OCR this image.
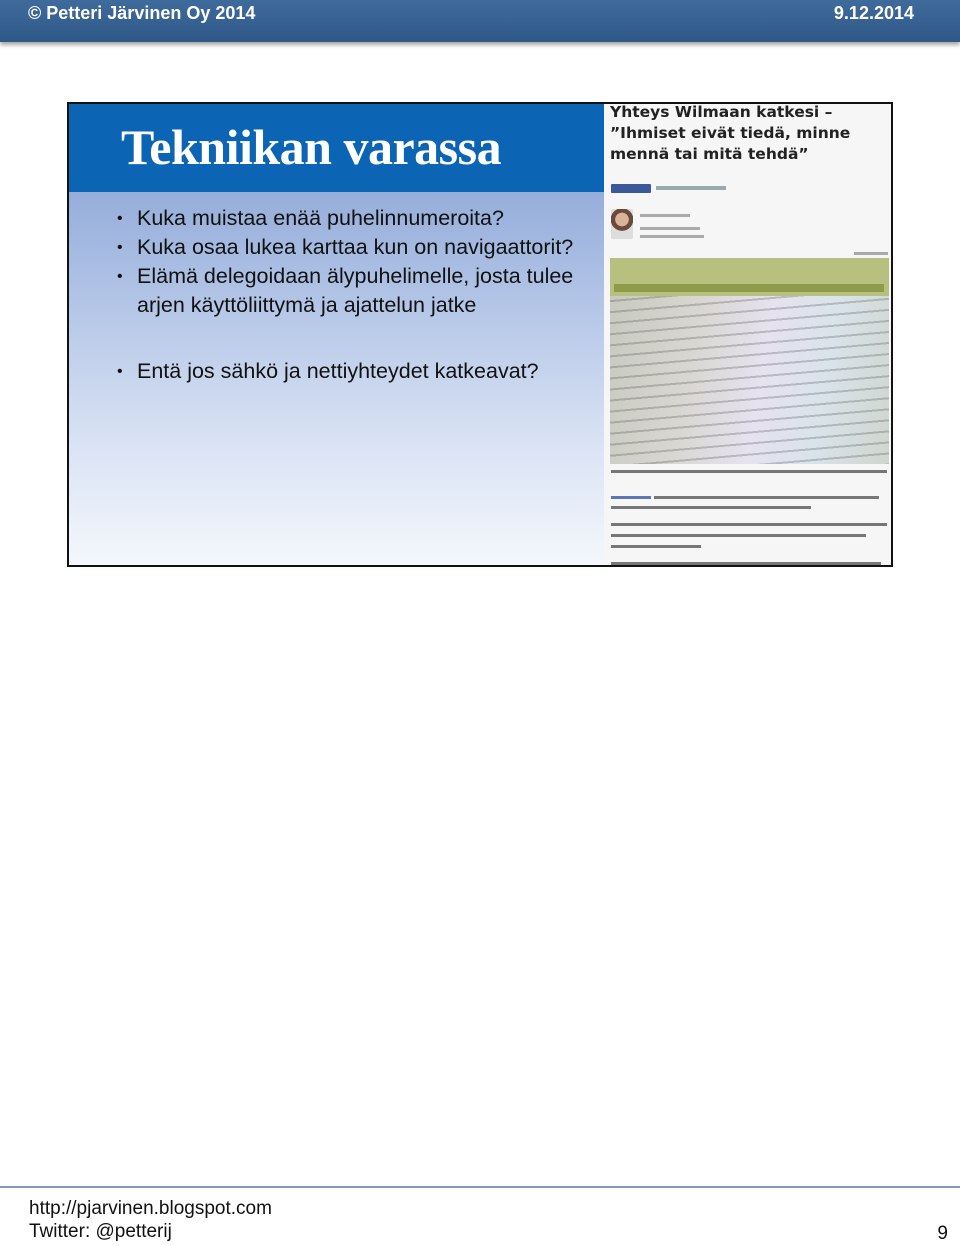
© Petteri Järvinen Oy 2014	9.12.2014
Tekniikan varassa
• Kuka muistaa enää puhelinnumeroita?
• Kuka osaa lukea karttaa kun on navigaattorit?
• Elämä delegoidaan älypuhelimelle, josta tulee arjen käyttöliittymä ja ajattelun jatke
• Entä jos sähkö ja nettiyhteydet katkeavat?
Yhteys Wilmaan katkesi – ”Ihmiset eivät tiedä, minne mennä tai mitä tehdä”
http://pjarvinen.blogspot.com
Twitter: @petterij	9
